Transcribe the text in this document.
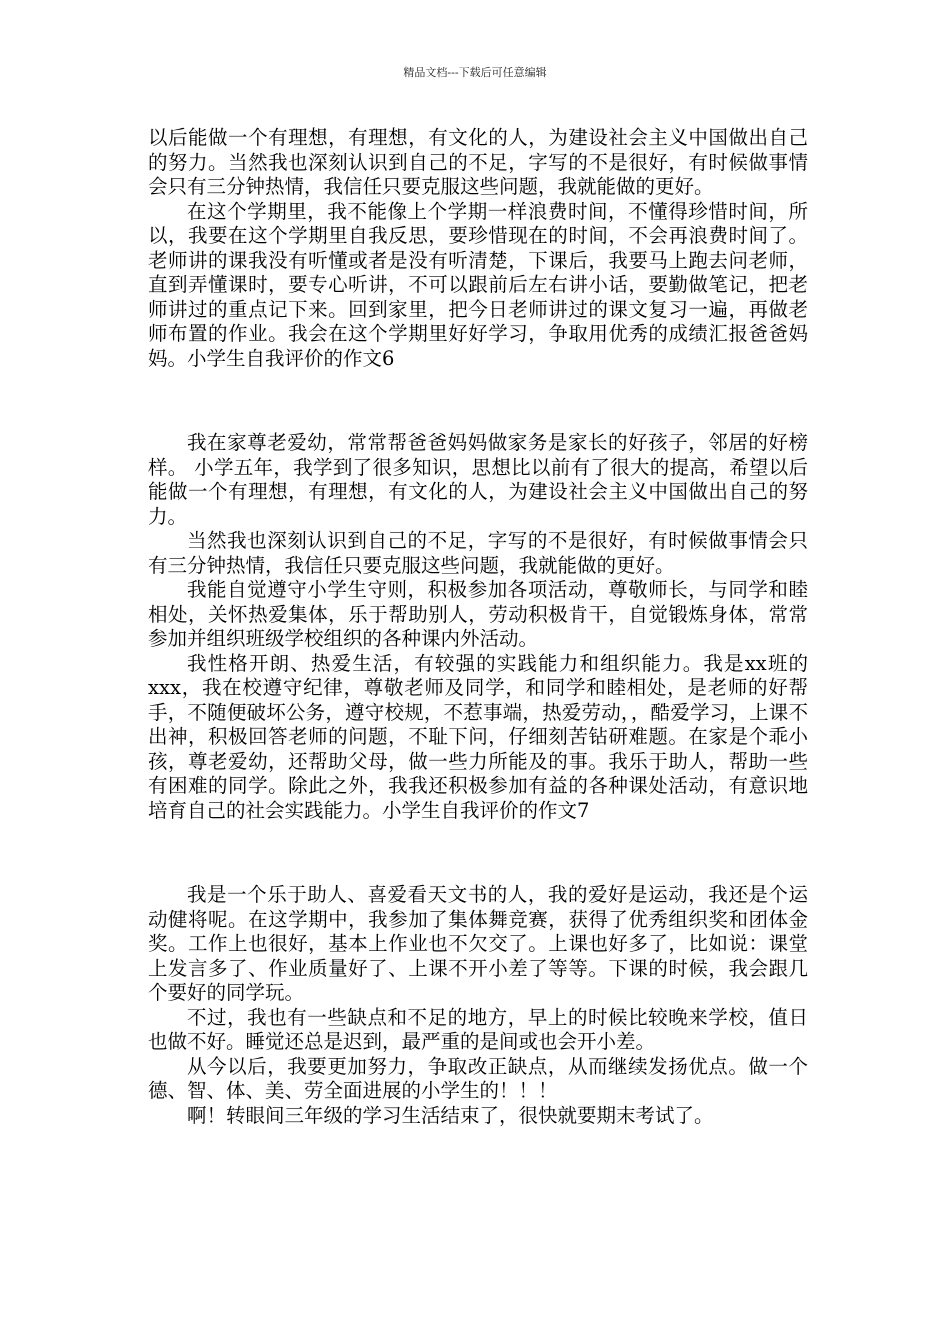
精品文档---下载后可任意编辑

以后能做一个有理想，有理想，有文化的人，为建设社会主义中国做出自己的努力。当然我也深刻认识到自己的不足，字写的不是很好，有时候做事情会只有三分钟热情，我信任只要克服这些问题，我就能做的更好。

在这个学期里，我不能像上个学期一样浪费时间，不懂得珍惜时间，所以，我要在这个学期里自我反思，要珍惜现在的时间，不会再浪费时间了。老师讲的课我没有听懂或者是没有听清楚，下课后，我要马上跑去问老师，直到弄懂课时，要专心听讲，不可以跟前后左右讲小话，要勤做笔记，把老师讲过的重点记下来。回到家里，把今日老师讲过的课文复习一遍，再做老师布置的作业。我会在这个学期里好好学习，争取用优秀的成绩汇报爸爸妈妈。小学生自我评价的作文6

我在家尊老爱幼，常常帮爸爸妈妈做家务是家长的好孩子，邻居的好榜样。 小学五年，我学到了很多知识，思想比以前有了很大的提高，希望以后能做一个有理想，有理想，有文化的人，为建设社会主义中国做出自己的努力。

当然我也深刻认识到自己的不足，字写的不是很好，有时候做事情会只有三分钟热情，我信任只要克服这些问题，我就能做的更好。

我能自觉遵守小学生守则，积极参加各项活动，尊敬师长，与同学和睦相处，关怀热爱集体，乐于帮助别人，劳动积极肯干，自觉锻炼身体，常常参加并组织班级学校组织的各种课内外活动。

我性格开朗、热爱生活，有较强的实践能力和组织能力。我是xx班的xxx，我在校遵守纪律，尊敬老师及同学，和同学和睦相处，是老师的好帮手，不随便破坏公务，遵守校规，不惹事端，热爱劳动，，酷爱学习，上课不出神，积极回答老师的问题，不耻下问，仔细刻苦钻研难题。在家是个乖小孩，尊老爱幼，还帮助父母，做一些力所能及的事。我乐于助人，帮助一些有困难的同学。除此之外，我我还积极参加有益的各种课处活动，有意识地培育自己的社会实践能力。小学生自我评价的作文7

我是一个乐于助人、喜爱看天文书的人，我的爱好是运动，我还是个运动健将呢。在这学期中，我参加了集体舞竞赛，获得了优秀组织奖和团体金奖。工作上也很好，基本上作业也不欠交了。上课也好多了，比如说：课堂上发言多了、作业质量好了、上课不开小差了等等。下课的时候，我会跟几个要好的同学玩。

不过，我也有一些缺点和不足的地方，早上的时候比较晚来学校，值日也做不好。睡觉还总是迟到，最严重的是间或也会开小差。

从今以后，我要更加努力，争取改正缺点，从而继续发扬优点。做一个德、智、体、美、劳全面进展的小学生的！！！

啊！转眼间三年级的学习生活结束了，很快就要期末考试了。
